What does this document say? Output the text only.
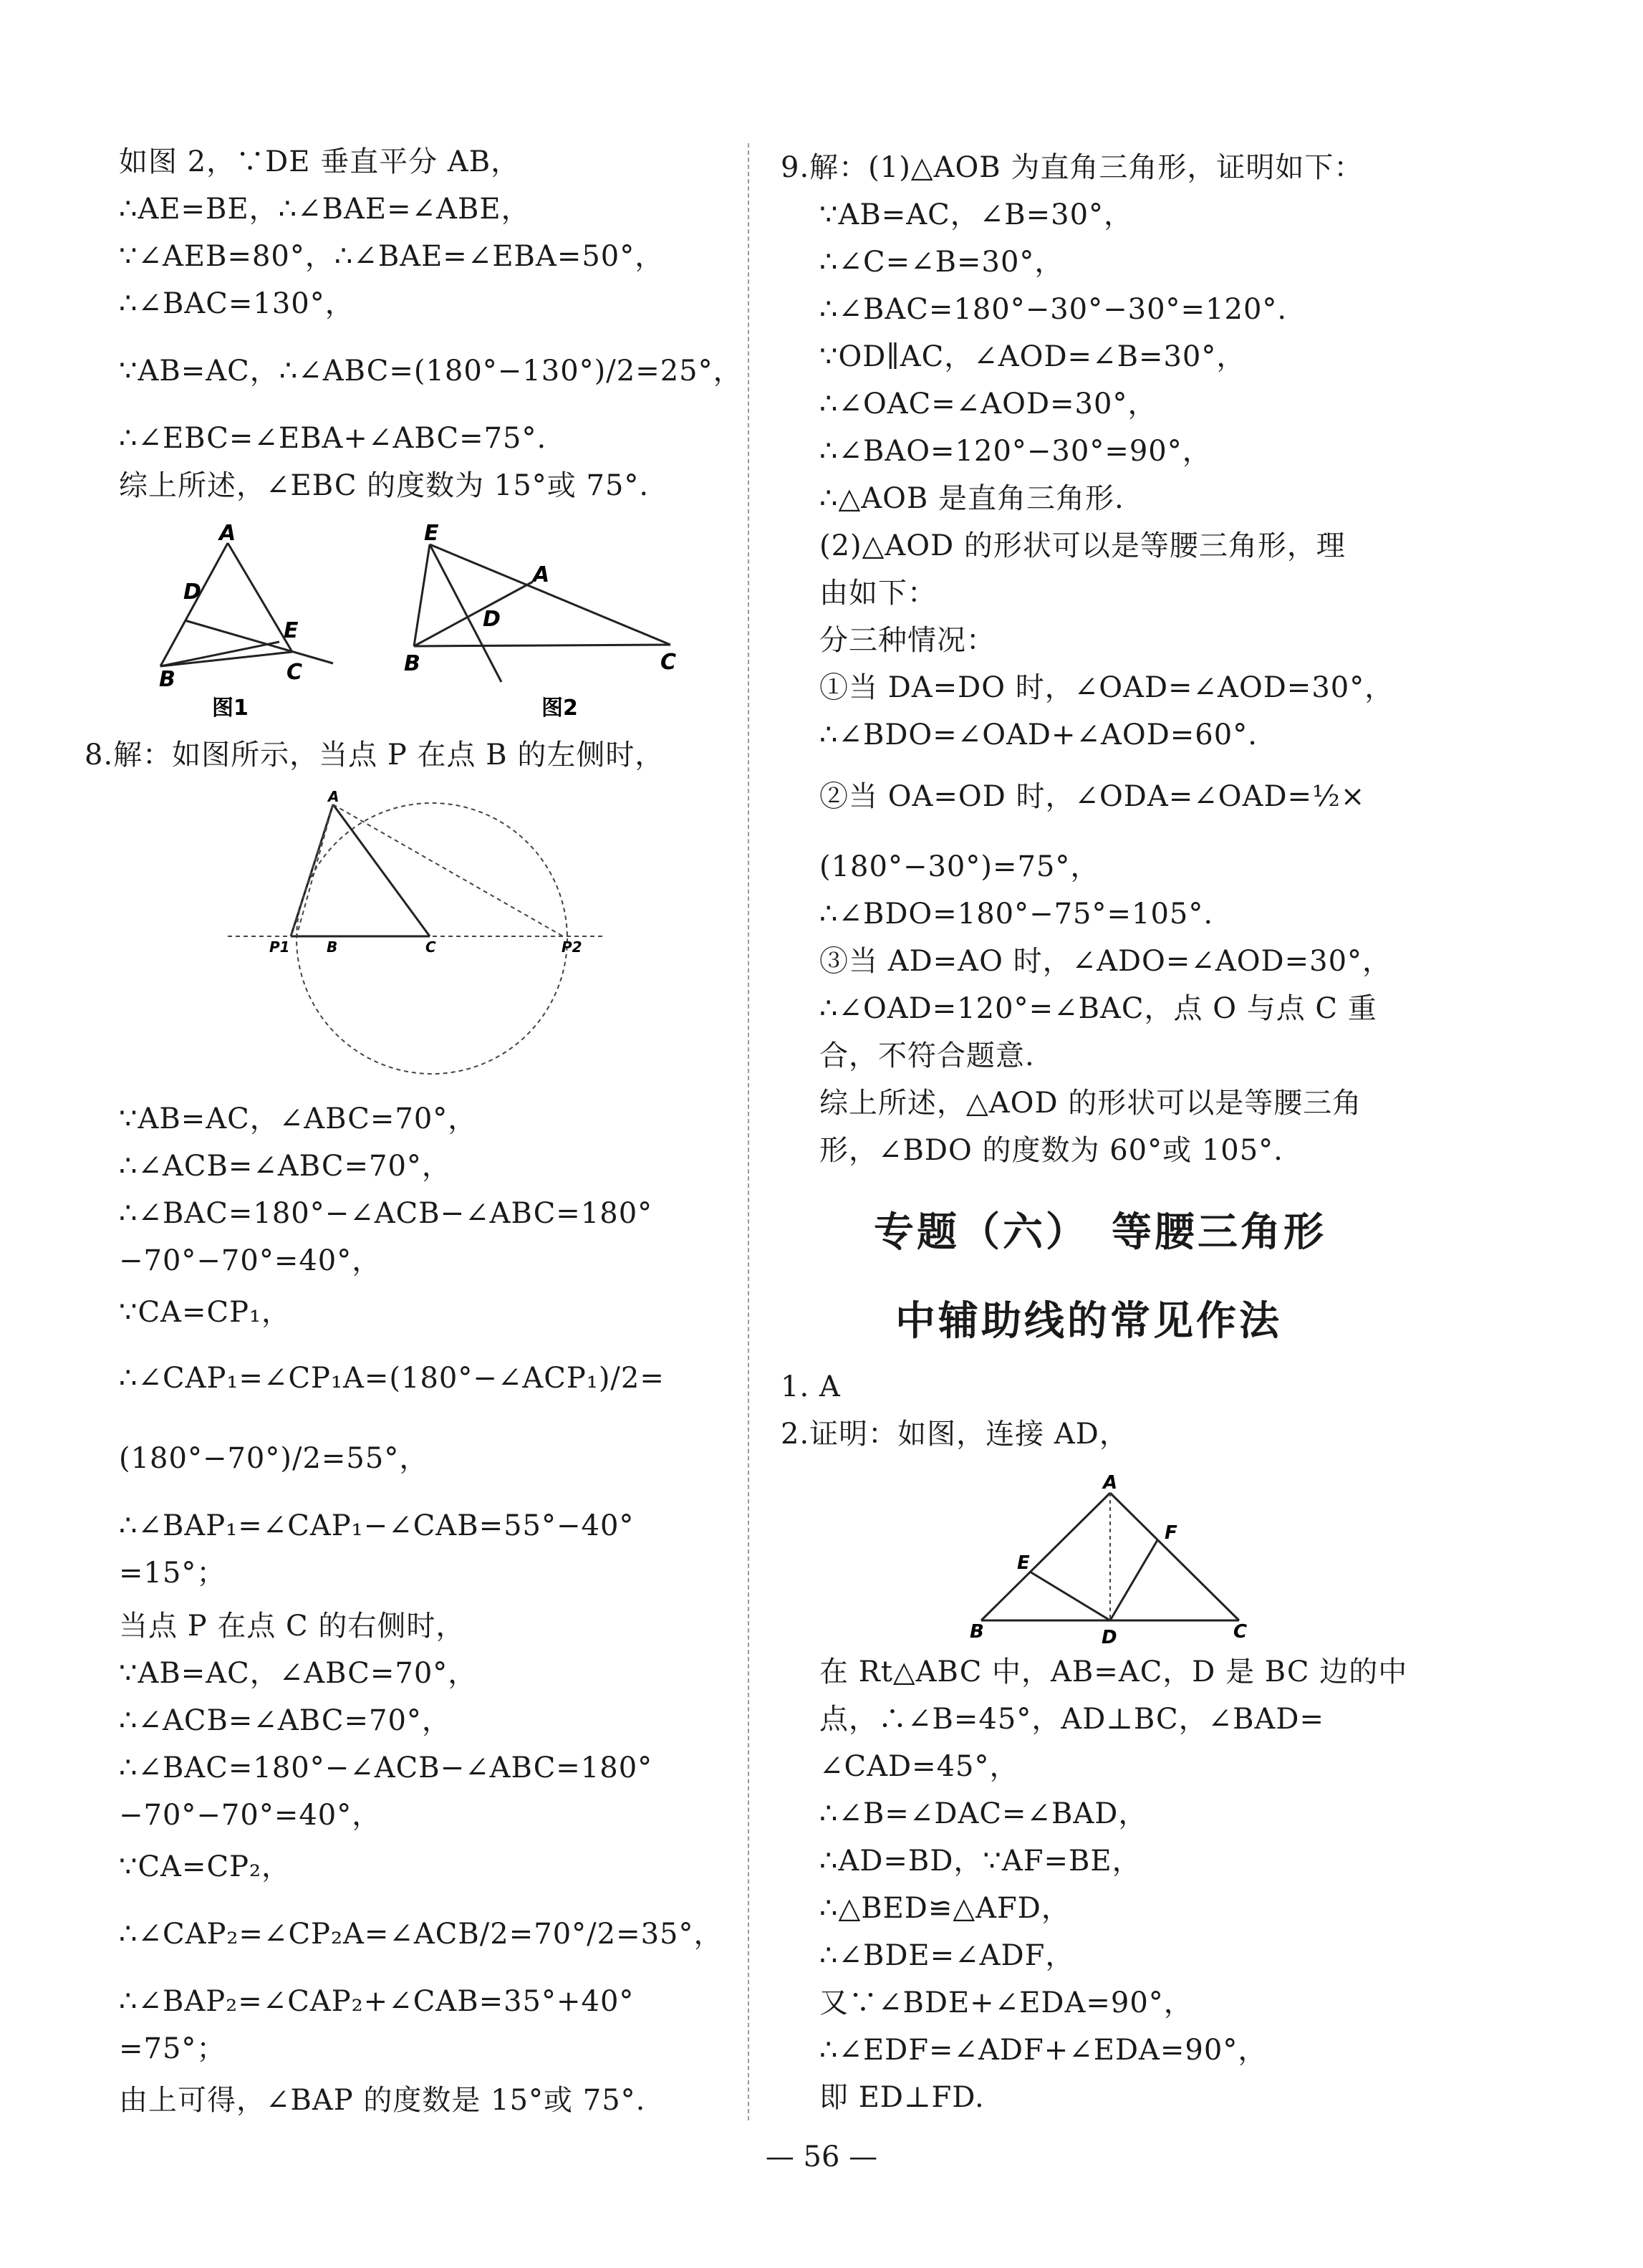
如图 2，∵DE 垂直平分 AB，
∴AE=BE，∴∠BAE=∠ABE，
∵∠AEB=80°，∴∠BAE=∠EBA=50°，
∴∠BAC=130°，
∵AB=AC，∴∠ABC=(180°−130°)/2=25°，
∴∠EBC=∠EBA+∠ABC=75°.
综上所述，∠EBC 的度数为 15°或 75°.
A
D
E
B	C
图1
E
A
D
B	C
图2
8.解：如图所示，当点 P 在点 B 的左侧时，
A
P1	B	C	P2
∵AB=AC，∠ABC=70°，
∴∠ACB=∠ABC=70°，
∴∠BAC=180°−∠ACB−∠ABC=180°
−70°−70°=40°，
∵CA=CP₁，
∴∠CAP₁=∠CP₁A=(180°−∠ACP₁)/2=
(180°−70°)/2=55°，
∴∠BAP₁=∠CAP₁−∠CAB=55°−40°
=15°；
当点 P 在点 C 的右侧时，
∵AB=AC，∠ABC=70°，
∴∠ACB=∠ABC=70°，
∴∠BAC=180°−∠ACB−∠ABC=180°
−70°−70°=40°，
∵CA=CP₂，
∴∠CAP₂=∠CP₂A=∠ACB/2=70°/2=35°，
∴∠BAP₂=∠CAP₂+∠CAB=35°+40°
=75°；
由上可得，∠BAP 的度数是 15°或 75°.
9.解：(1)△AOB 为直角三角形，证明如下：
∵AB=AC，∠B=30°，
∴∠C=∠B=30°，
∴∠BAC=180°−30°−30°=120°.
∵OD∥AC，∠AOD=∠B=30°，
∴∠OAC=∠AOD=30°，
∴∠BAO=120°−30°=90°，
∴△AOB 是直角三角形.
(2)△AOD 的形状可以是等腰三角形，理
由如下：
分三种情况：
①当 DA=DO 时，∠OAD=∠AOD=30°，
∴∠BDO=∠OAD+∠AOD=60°.
②当 OA=OD 时，∠ODA=∠OAD=½×
(180°−30°)=75°，
∴∠BDO=180°−75°=105°.
③当 AD=AO 时，∠ADO=∠AOD=30°，
∴∠OAD=120°=∠BAC，点 O 与点 C 重
合，不符合题意.
综上所述，△AOD 的形状可以是等腰三角
形，∠BDO 的度数为 60°或 105°.
专题（六）　等腰三角形
中辅助线的常见作法
1. A
2.证明：如图，连接 AD，
A
F
E
B	D	C
在 Rt△ABC 中，AB=AC，D 是 BC 边的中
点，∴∠B=45°，AD⊥BC，∠BAD=
∠CAD=45°，
∴∠B=∠DAC=∠BAD，
∴AD=BD，∵AF=BE，
∴△BED≌△AFD，
∴∠BDE=∠ADF，
又∵∠BDE+∠EDA=90°，
∴∠EDF=∠ADF+∠EDA=90°，
即 ED⊥FD.
— 56 —
